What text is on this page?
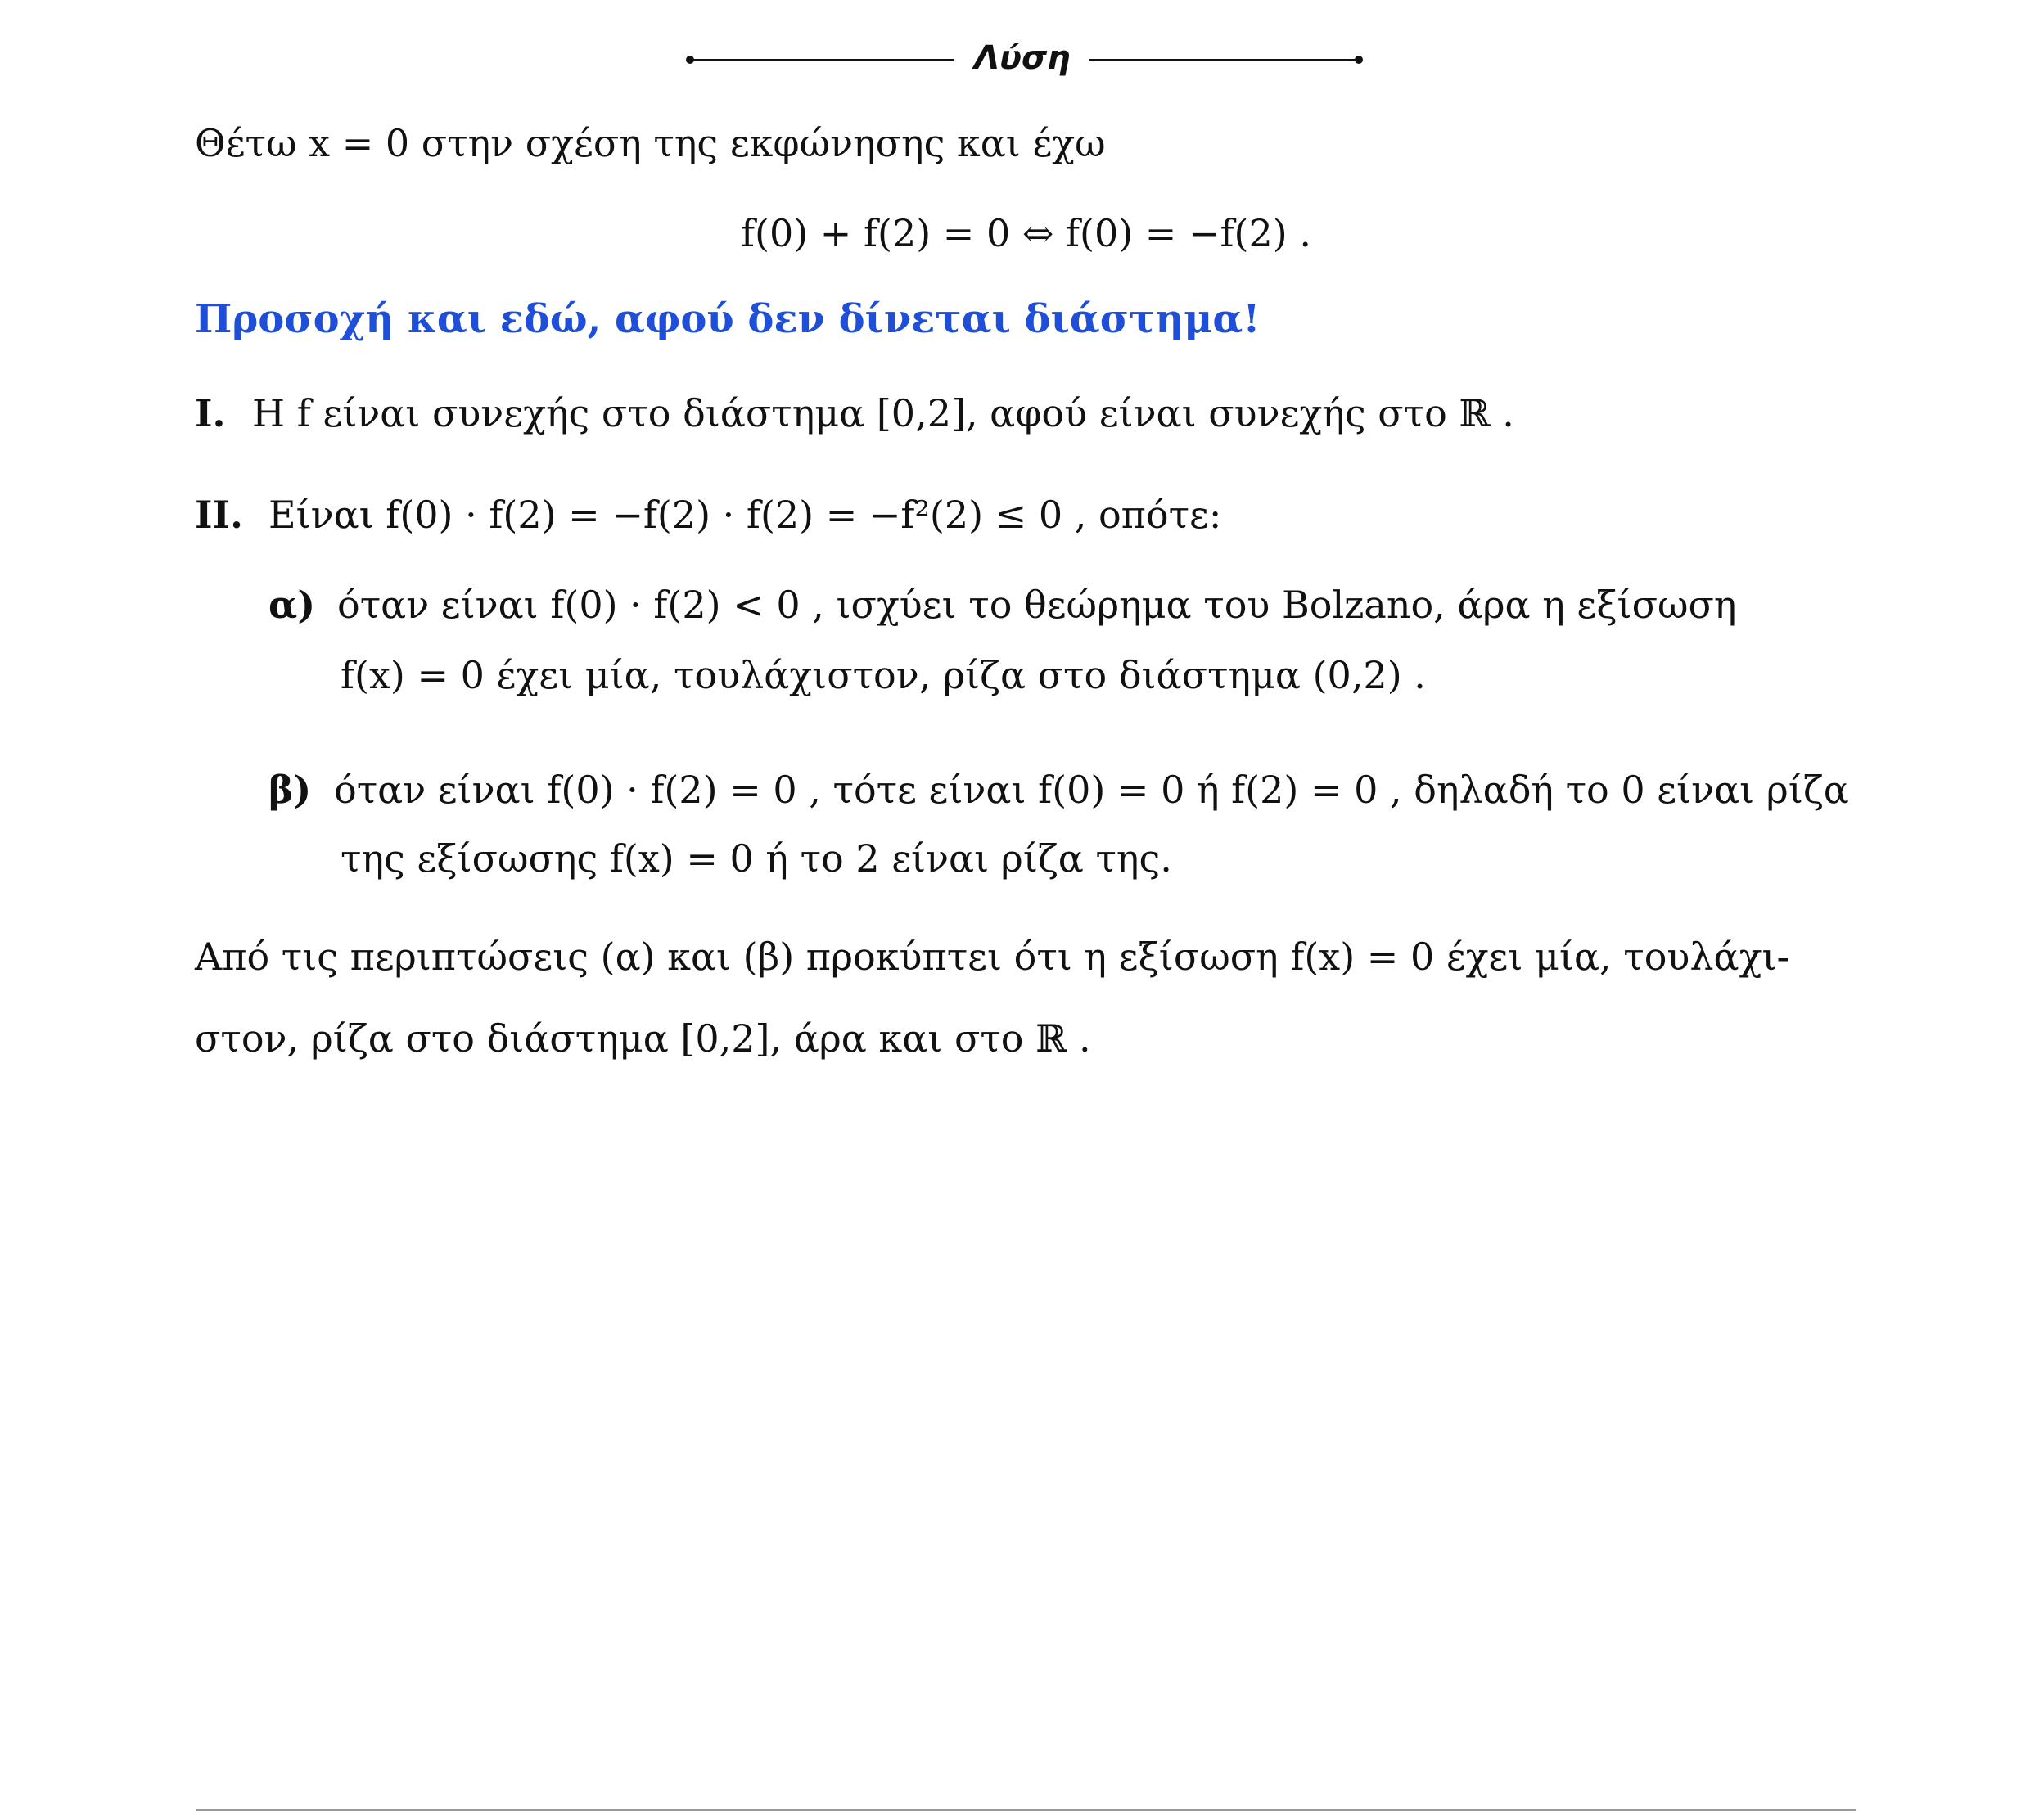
Λύση
Θέτω x = 0 στην σχέση της εκφώνησης και έχω
f(0) + f(2) = 0 ⇔ f(0) = −f(2) .
Προσοχή και εδώ, αφού δεν δίνεται διάστημα!
I. Η f είναι συνεχής στο διάστημα [0,2], αφού είναι συνεχής στο ℝ .
II. Είναι f(0) · f(2) = −f(2) · f(2) = −f²(2) ≤ 0 , οπότε:
α) όταν είναι f(0) · f(2) < 0 , ισχύει το θεώρημα του Bolzano, άρα η εξίσωση
f(x) = 0 έχει μία, τουλάχιστον, ρίζα στο διάστημα (0,2) .
β) όταν είναι f(0) · f(2) = 0 , τότε είναι f(0) = 0 ή f(2) = 0 , δηλαδή το 0 είναι ρίζα
της εξίσωσης f(x) = 0 ή το 2 είναι ρίζα της.
Από τις περιπτώσεις (α) και (β) προκύπτει ότι η εξίσωση f(x) = 0 έχει μία, τουλάχι-
στον, ρίζα στο διάστημα [0,2], άρα και στο ℝ .
